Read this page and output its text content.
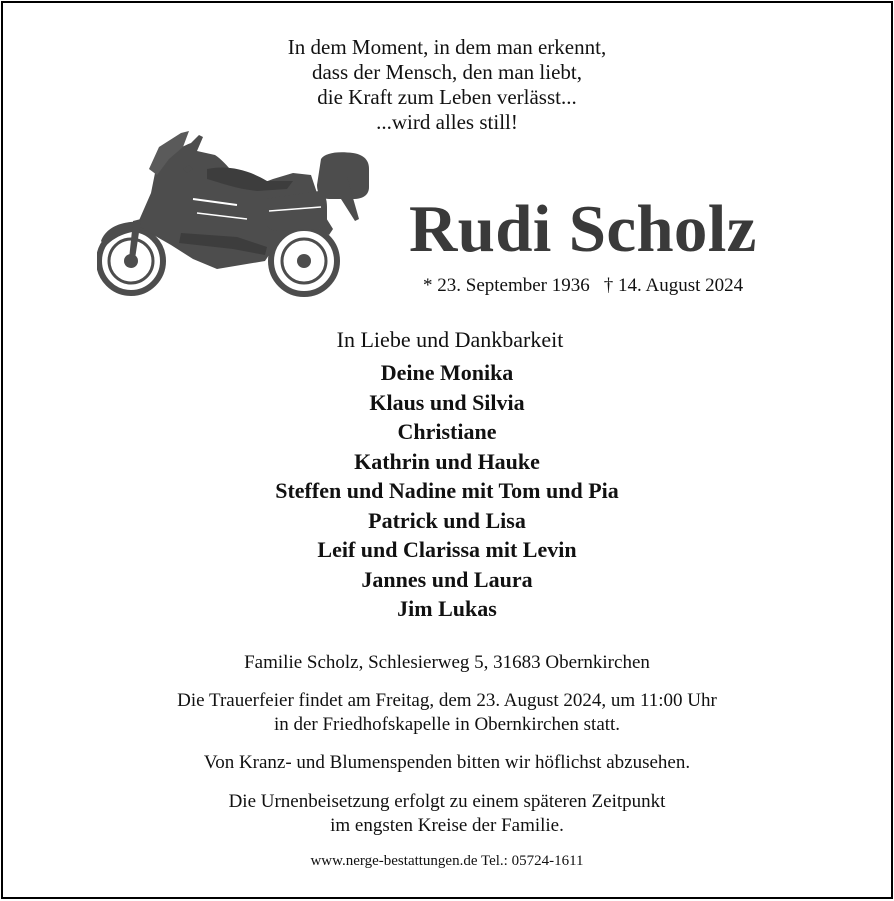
In dem Moment, in dem man erkennt,
dass der Mensch, den man liebt,
die Kraft zum Leben verlässt...
...wird alles still!
Rudi Scholz
* 23. September 1936 † 14. August 2024
In Liebe und Dankbarkeit
Deine Monika
Klaus und Silvia
Christiane
Kathrin und Hauke
Steffen und Nadine mit Tom und Pia
Patrick und Lisa
Leif und Clarissa mit Levin
Jannes und Laura
Jim Lukas
Familie Scholz, Schlesierweg 5, 31683 Obernkirchen
Die Trauerfeier findet am Freitag, dem 23. August 2024, um 11:00 Uhr
in der Friedhofskapelle in Obernkirchen statt.
Von Kranz- und Blumenspenden bitten wir höflichst abzusehen.
Die Urnenbeisetzung erfolgt zu einem späteren Zeitpunkt
im engsten Kreise der Familie.
www.nerge-bestattungen.de Tel.: 05724-1611
